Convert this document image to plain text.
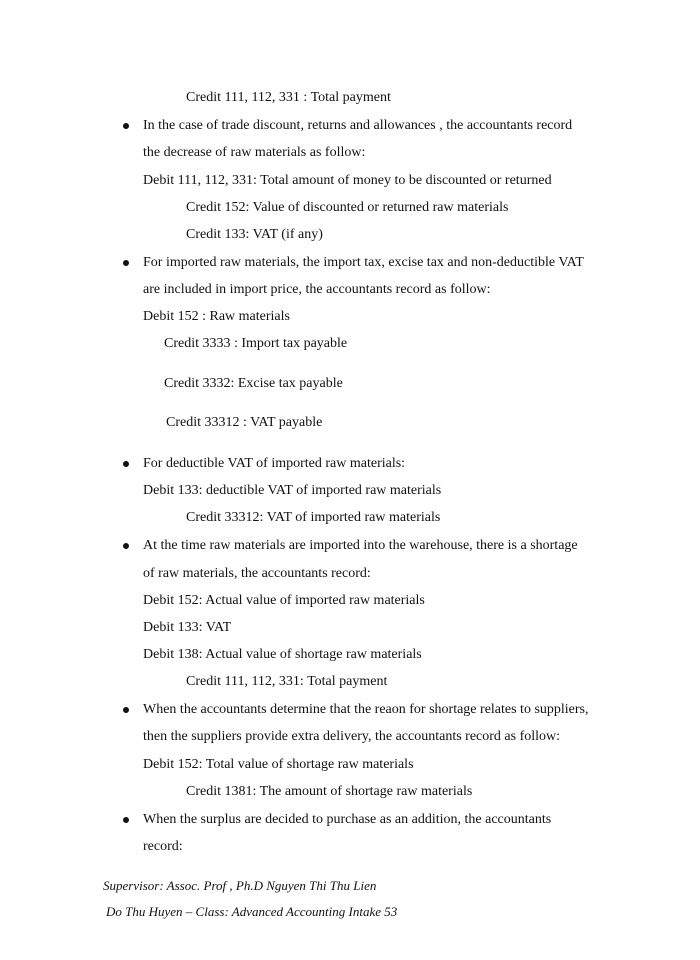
Credit 111, 112, 331 : Total payment
In the case of trade discount, returns and allowances , the accountants record
the decrease of raw materials as follow:
Debit 111, 112, 331: Total amount of money to be discounted or returned
Credit 152: Value of discounted or returned raw materials
Credit 133: VAT (if any)
For imported raw materials, the import tax, excise tax and non-deductible VAT
are included in import price, the accountants record as follow:
Debit 152 : Raw materials
Credit 3333 : Import tax payable
Credit 3332: Excise tax payable
Credit 33312 : VAT payable
For deductible VAT of imported raw materials:
Debit 133: deductible VAT of imported raw materials
Credit 33312: VAT of imported raw materials
At the time raw materials are imported into the warehouse, there is a shortage
of raw materials, the accountants record:
Debit 152: Actual value of imported raw materials
Debit 133: VAT
Debit 138: Actual value of shortage raw materials
Credit 111, 112, 331: Total payment
When the accountants determine that the reaon for shortage relates to suppliers,
then the suppliers provide extra delivery, the accountants record as follow:
Debit 152: Total value of shortage raw materials
Credit 1381: The amount of shortage raw materials
When the surplus are decided to purchase as an addition, the accountants
record:
Supervisor: Assoc. Prof , Ph.D Nguyen Thi Thu Lien
Do Thu Huyen – Class: Advanced Accounting Intake 53
